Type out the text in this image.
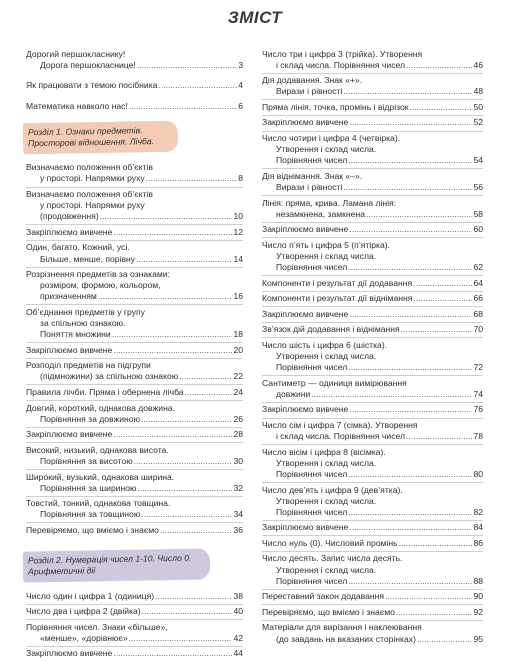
ЗМІСТ
Дорогий першокласнику!
Дорога першокласнице! .....	3
Як працювати з темою посібника .....	4
Математика навколо нас! .....	6
Розділ 1. Ознаки предметів.
Просторові відношення. Лічба.
Визначаємо положення об’єктів
у просторі. Напрямки руху .....	8
Визначаємо положення об’єктів
у просторі. Напрямки руху
(продовження) .....	10
Закріплюємо вивчене .....	12
Один, багато. Кожний, усі.
Більше, менше, порівну .....	14
Розрізнення предметів за ознаками:
розміром, формою, кольором,
призначенням .....	16
Об’єднання предметів у групу
за спільною ознакою.
Поняття множини .....	18
Закріплюємо вивчене .....	20
Розподіл предметів на підгрупи
(підмножини) за спільною ознакою .....	22
Правила лічби. Пряма і обернена лічба .....	24
Довгий, короткий, однакова довжина.
Порівняння за довжиною .....	26
Закріплюємо вивчене .....	28
Високий, низький, однакова висота.
Порівняння за висотою .....	30
Широкий, вузький, однакова ширина.
Порівняння за шириною .....	32
Товстий, тонкий, однакова товщина.
Порівняння за товщиною .....	34
Перевіряємо, що вміємо і знаємо .....	36
Розділ 2. Нумерація чисел 1-10. Число 0.
Арифметичні дії
Число один і цифра 1 (одиниця) .....	38
Число два і цифра 2 (двійка) .....	40
Порівняння чисел. Знаки «більше»,
«менше», «дорівнює» .....	42
Закріплюємо вивчене .....	44
Число три і цифра 3 (трійка). Утворення
і склад числа. Порівняння чисел .....	46
Дія додавання. Знак «+».
Вирази і рівності .....	48
Пряма лінія, точка, промінь і відрізок .....	50
Закріплюємо вивчене .....	52
Число чотири і цифра 4 (четвірка).
Утворення і склад числа.
Порівняння чисел .....	54
Дія віднімання. Знак «–».
Вирази і рівності .....	56
Лінія: пряма, крива. Ламана лінія:
незамкнена, замкнена .....	58
Закріплюємо вивчене .....	60
Число п’ять і цифра 5 (п’ятірка).
Утворення і склад числа.
Порівняння чисел .....	62
Компоненти і результат дії додавання .....	64
Компоненти і результат дії віднімання .....	66
Закріплюємо вивчене .....	68
Зв’язок дій додавання і віднімання .....	70
Число шість і цифра 6 (шістка).
Утворення і склад числа.
Порівняння чисел .....	72
Сантиметр — одиниця вимірювання
довжини .....	74
Закріплюємо вивчене .....	76
Число сім і цифра 7 (сімка). Утворення
і склад числа. Порівняння чисел .....	78
Число вісім і цифра 8 (вісімка).
Утворення і склад числа.
Порівняння чисел .....	80
Число дев’ять і цифра 9 (дев’ятка).
Утворення і склад числа.
Порівняння чисел .....	82
Закріплюємо вивчене .....	84
Число нуль (0). Числовий промінь .....	86
Число десять. Запис числа десять.
Утворення і склад числа.
Порівняння чисел .....	88
Переставний закон додавання .....	90
Перевіряємо, що вміємо і знаємо .....	92
Матеріали для вирізання і наклеювання
(до завдань на вказаних сторінках) .....	95
